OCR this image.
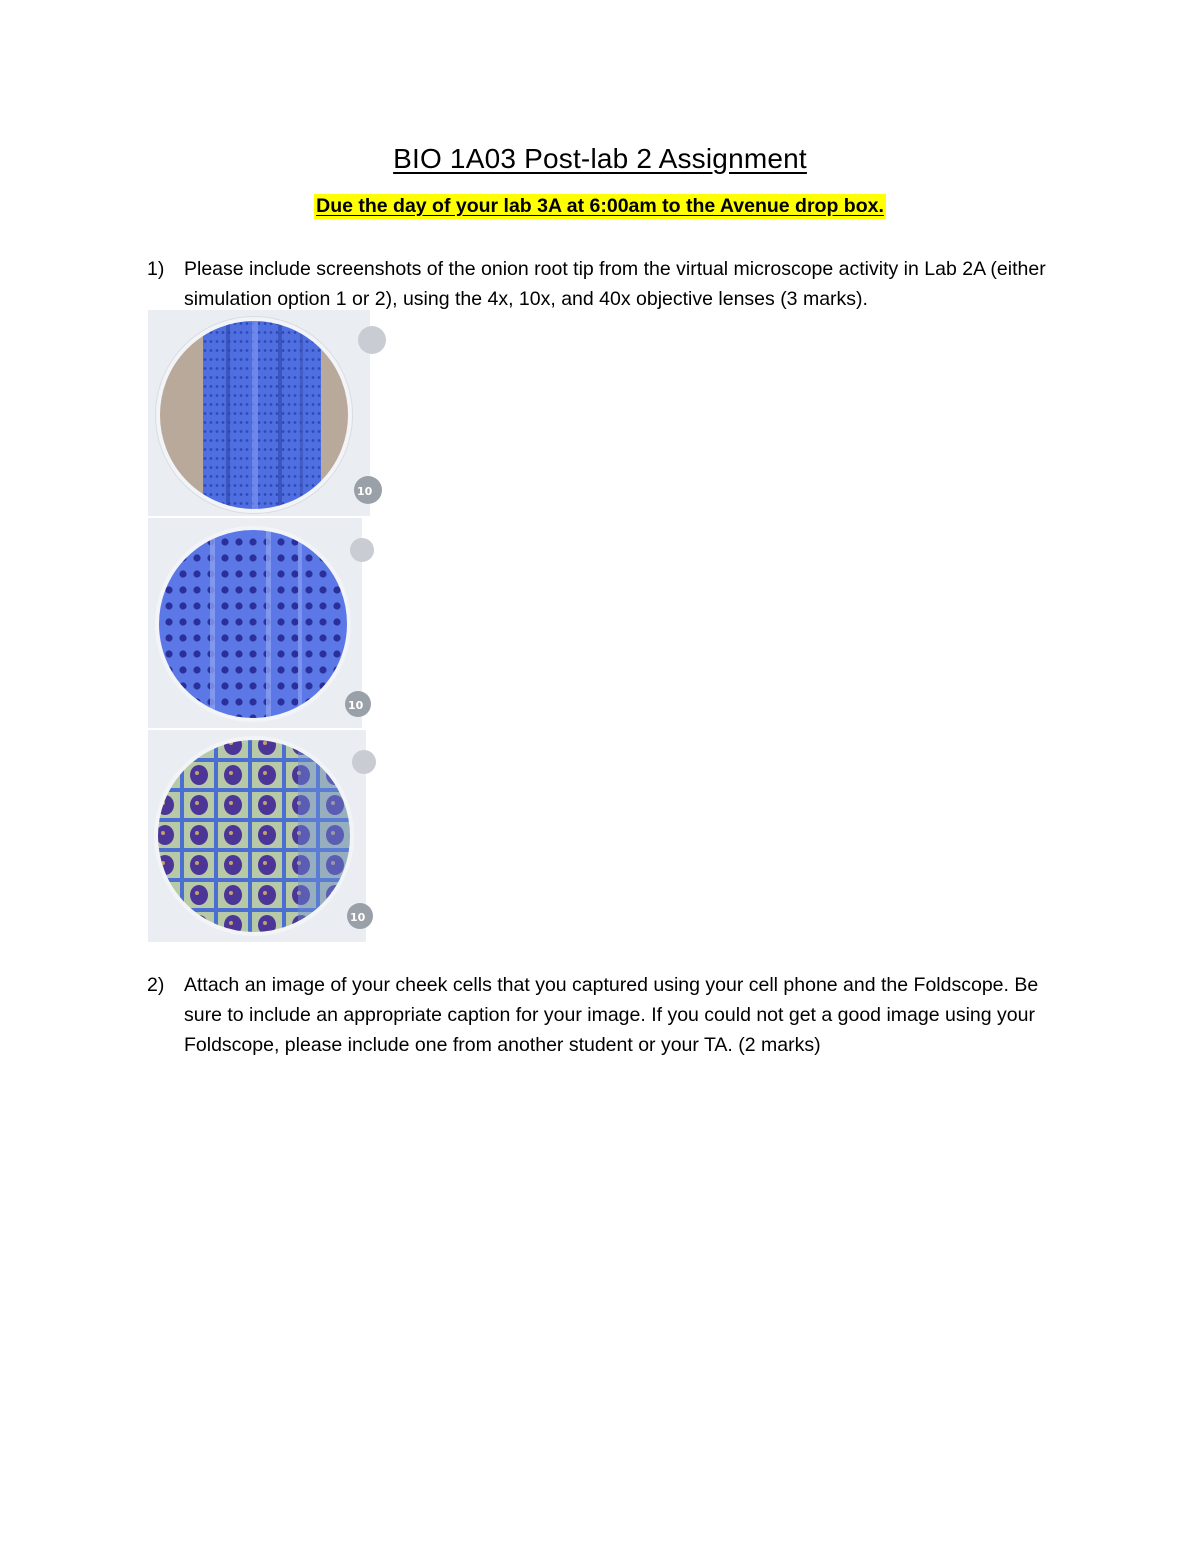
BIO 1A03 Post-lab 2 Assignment
Due the day of your lab 3A at 6:00am to the Avenue drop box.
1) Please include screenshots of the onion root tip from the virtual microscope activity in Lab 2A (either simulation option 1 or 2), using the 4x, 10x, and 40x objective lenses (3 marks).
10
10
10
2) Attach an image of your cheek cells that you captured using your cell phone and the Foldscope. Be sure to include an appropriate caption for your image. If you could not get a good image using your Foldscope, please include one from another student or your TA. (2 marks)
